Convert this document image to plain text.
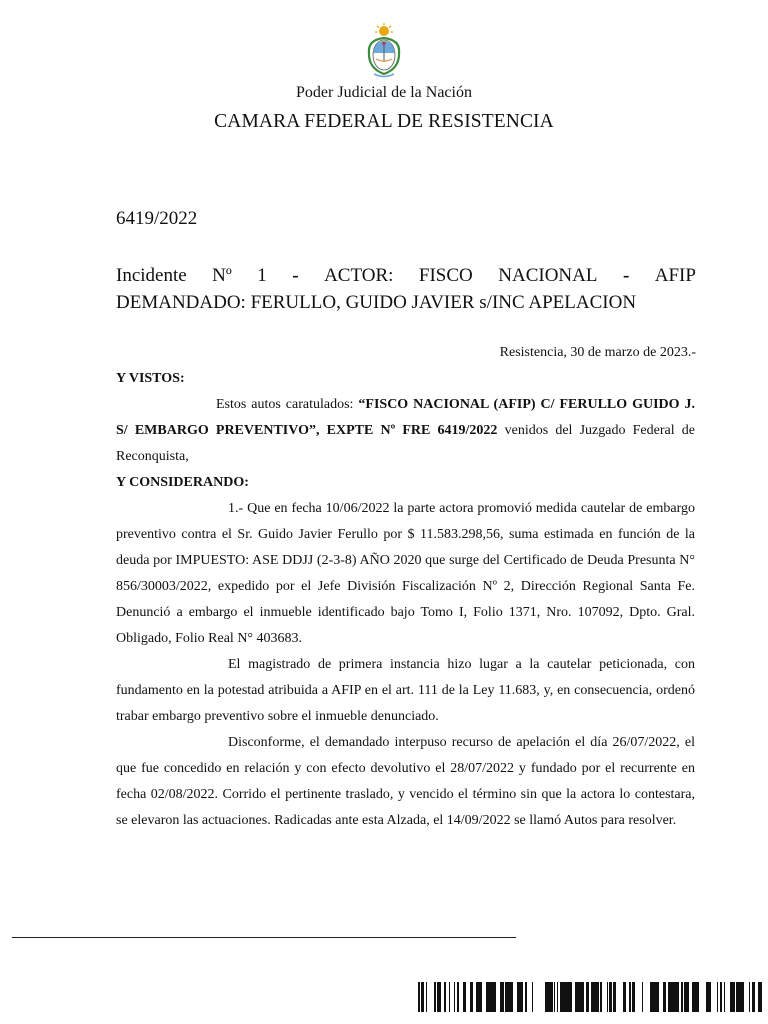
Poder Judicial de la Nación
CAMARA FEDERAL DE RESISTENCIA
6419/2022
Incidente Nº 1 - ACTOR: FISCO NACIONAL - AFIP
DEMANDADO: FERULLO, GUIDO JAVIER s/INC APELACION
Resistencia, 30 de marzo de 2023.-

Y VISTOS:

Estos autos caratulados: “FISCO NACIONAL (AFIP) C/ FERULLO GUIDO J. S/ EMBARGO PREVENTIVO”, EXPTE Nº FRE 6419/2022 venidos del Juzgado Federal de Reconquista,

Y CONSIDERANDO:

1.- Que en fecha 10/06/2022 la parte actora promovió medida cautelar de embargo preventivo contra el Sr. Guido Javier Ferullo por $ 11.583.298,56, suma estimada en función de la deuda por IMPUESTO: ASE DDJJ (2-3-8) AÑO 2020 que surge del Certificado de Deuda Presunta N° 856/30003/2022, expedido por el Jefe División Fiscalización Nº 2, Dirección Regional Santa Fe. Denunció a embargo el inmueble identificado bajo Tomo I, Folio 1371, Nro. 107092, Dpto. Gral. Obligado, Folio Real N° 403683.

El magistrado de primera instancia hizo lugar a la cautelar peticionada, con fundamento en la potestad atribuida a AFIP en el art. 111 de la Ley 11.683, y, en consecuencia, ordenó trabar embargo preventivo sobre el inmueble denunciado.

Disconforme, el demandado interpuso recurso de apelación el día 26/07/2022, el que fue concedido en relación y con efecto devolutivo el 28/07/2022 y fundado por el recurrente en fecha 02/08/2022. Corrido el pertinente traslado, y vencido el término sin que la actora lo contestara, se elevaron las actuaciones. Radicadas ante esta Alzada, el 14/09/2022 se llamó Autos para resolver.
